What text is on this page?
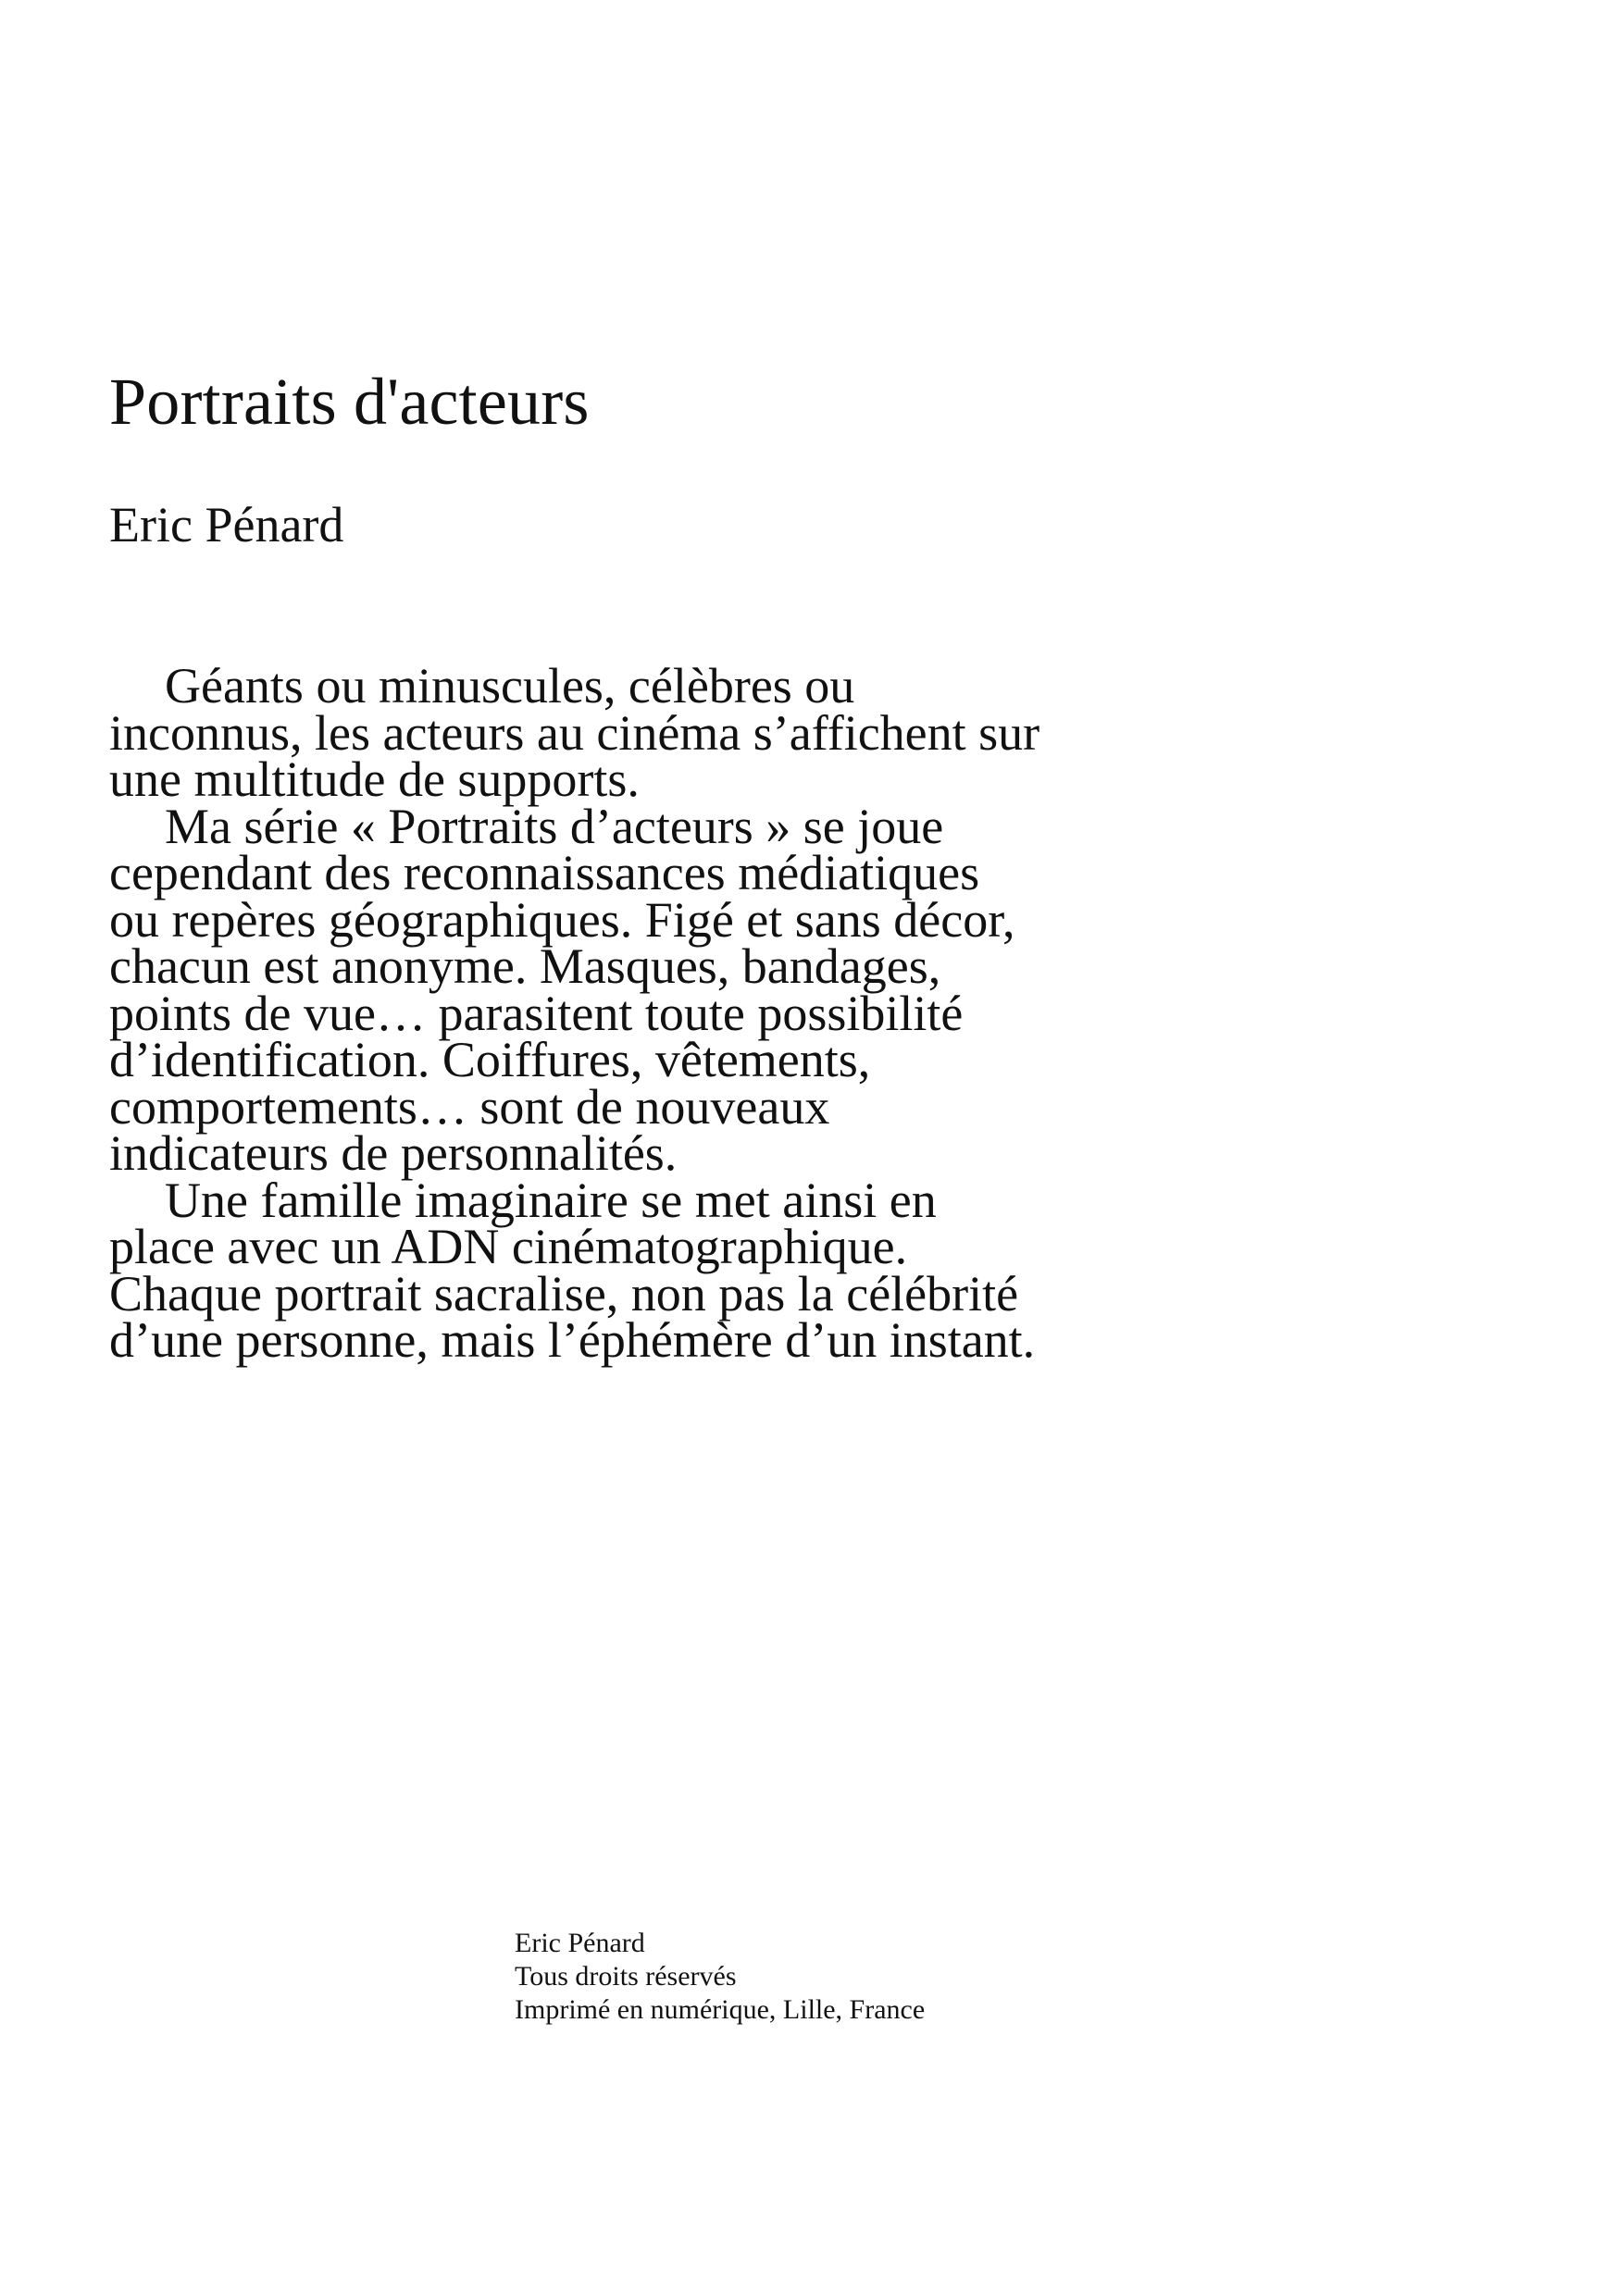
Portraits d'acteurs
Eric Pénard
Géants ou minuscules, célèbres ou
inconnus, les acteurs au cinéma s’affichent sur
une multitude de supports.
Ma série « Portraits d’acteurs » se joue
cependant des reconnaissances médiatiques
ou repères géographiques. Figé et sans décor,
chacun est anonyme. Masques, bandages,
points de vue… parasitent toute possibilité
d’identification. Coiffures, vêtements,
comportements… sont de nouveaux
indicateurs de personnalités.
Une famille imaginaire se met ainsi en
place avec un ADN cinématographique.
Chaque portrait sacralise, non pas la célébrité
d’une personne, mais l’éphémère d’un instant.
Eric Pénard
Tous droits réservés
Imprimé en numérique, Lille, France
